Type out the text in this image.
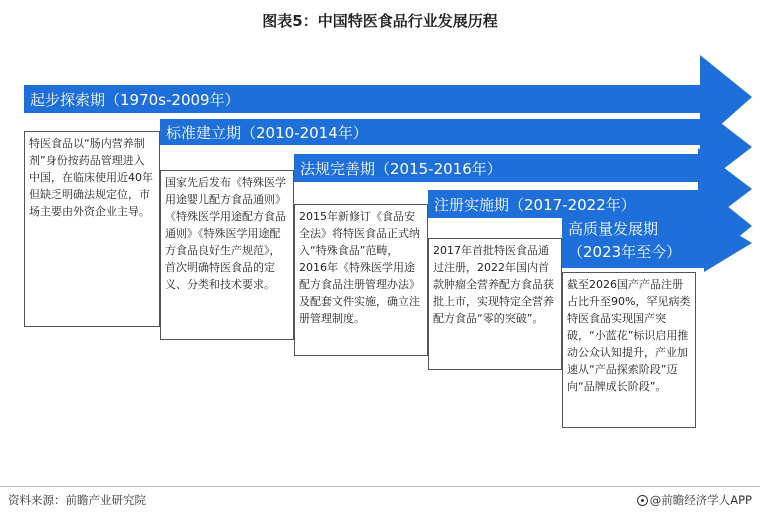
图表5：中国特医食品行业发展历程
起步探索期（1970s-2009年）
标准建立期（2010-2014年）
法规完善期（2015-2016年）
注册实施期（2017-2022年）
高质量发展期
（2023年至今）
特医食品以“肠内营养制剂”身份按药品管理进入中国，在临床使用近40年但缺乏明确法规定位，市场主要由外资企业主导。
国家先后发布《特殊医学用途婴儿配方食品通则》《特殊医学用途配方食品通则》《特殊医学用途配方食品良好生产规范》，首次明确特医食品的定义、分类和技术要求。
2015年新修订《食品安全法》将特医食品正式纳入“特殊食品”范畴，2016年《特殊医学用途配方食品注册管理办法》及配套文件实施，确立注册管理制度。
2017年首批特医食品通过注册，2022年国内首款肿瘤全营养配方食品获批上市，实现特定全营养配方食品“零的突破”。
截至2026国产产品注册占比升至90%，罕见病类特医食品实现国产突破，“小蓝花”标识启用推动公众认知提升，产业加速从“产品探索阶段”迈向“品牌成长阶段”。
资料来源：前瞻产业研究院	@前瞻经济学人APP
